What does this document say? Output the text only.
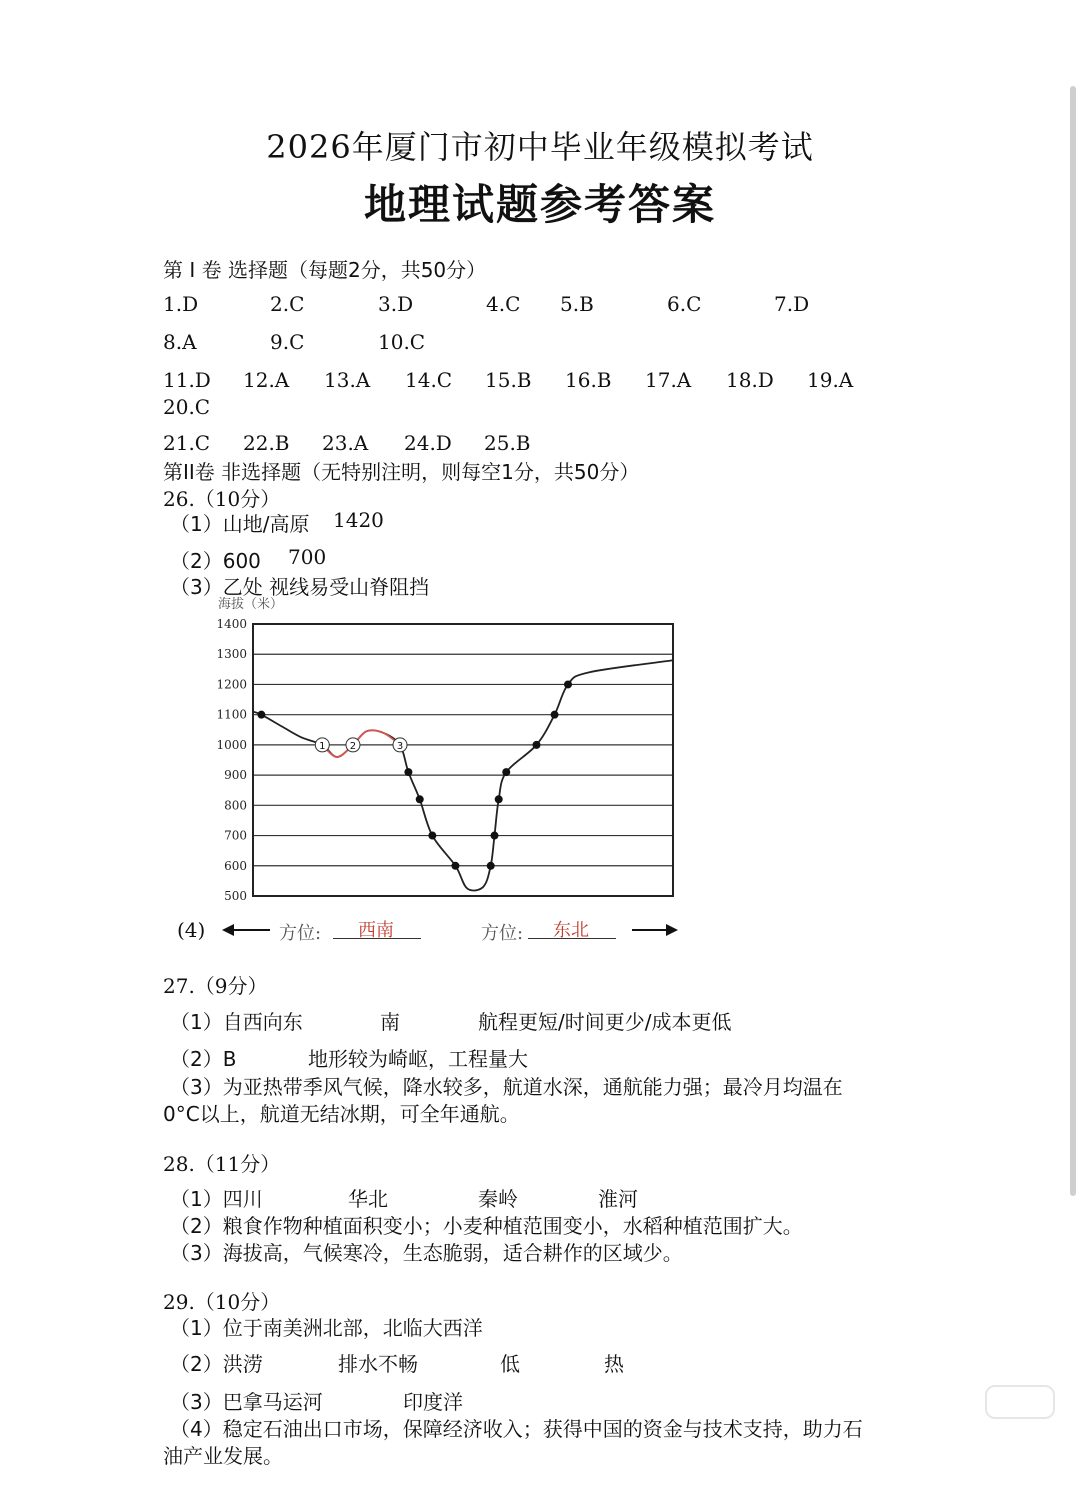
2026年厦门市初中毕业年级模拟考试
地理试题参考答案
第 I 卷 选择题（每题2分，共50分）
1.D	2.C	3.D	4.C 5.B	6.C	7.D
8.A	9.C	10.C
11.D 12.A 13.A 14.C 15.B 16.B 17.A 18.D 19.A
20.C
21.C 22.B 23.A 24.D 25.B
第II卷 非选择题（无特别注明，则每空1分，共50分）
26.（10分）
（1）山地/高原 1420
（2）600 700
（3）乙处 视线易受山脊阻挡
海拔（米）
1400
1300
1200
1100
1000
900
800
700
600
500
1 2	3
(4)	方位: 西南	方位: 东北
27.（9分）
（1）自西向东	南	航程更短/时间更少/成本更低
（2）B	地形较为崎岖，工程量大
（3）为亚热带季风气候，降水较多，航道水深，通航能力强；最冷月均温在
0°C以上，航道无结冰期，可全年通航。
28.（11分）
（1）四川	华北	秦岭	淮河
（2）粮食作物种植面积变小；小麦种植范围变小，水稻种植范围扩大。
（3）海拔高，气候寒冷，生态脆弱，适合耕作的区域少。
29.（10分）
（1）位于南美洲北部，北临大西洋
（2）洪涝	排水不畅	低	热
（3）巴拿马运河	印度洋
（4）稳定石油出口市场，保障经济收入；获得中国的资金与技术支持，助力石
油产业发展。
